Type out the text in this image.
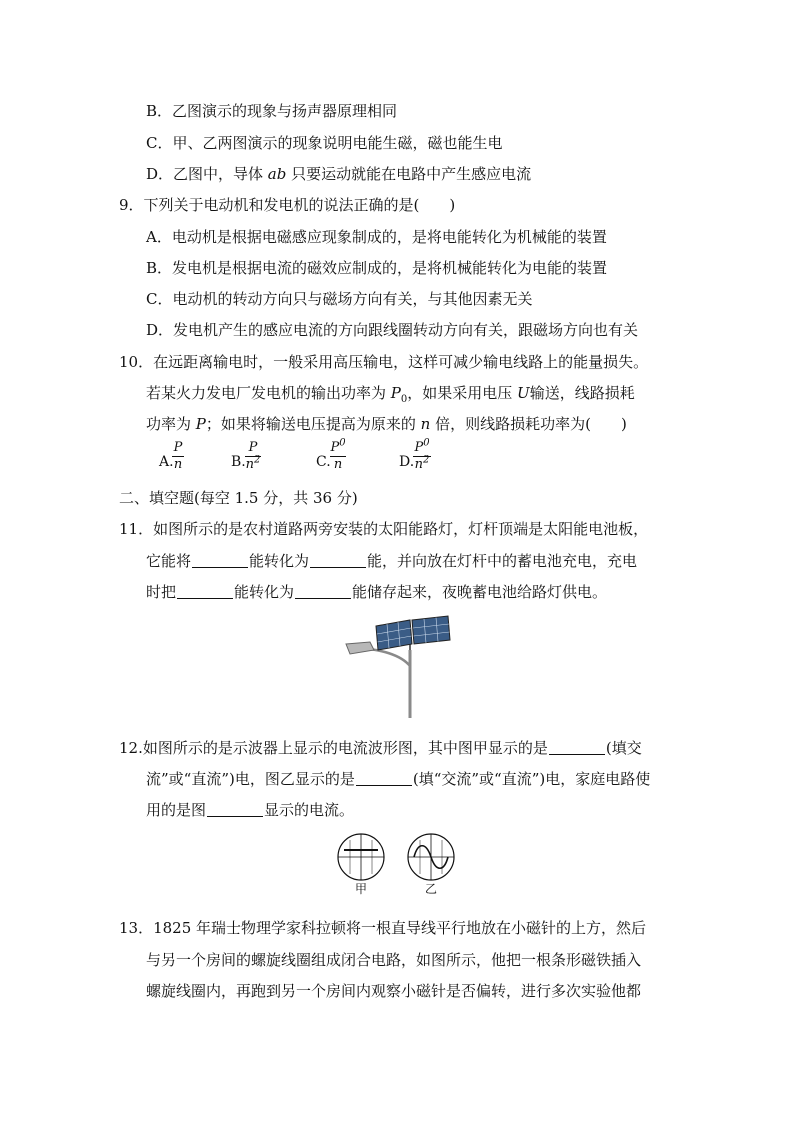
B．乙图演示的现象与扬声器原理相同
C．甲、乙两图演示的现象说明电能生磁，磁也能生电
D．乙图中，导体 ab 只要运动就能在电路中产生感应电流
9．下列关于电动机和发电机的说法正确的是(　　)
A．电动机是根据电磁感应现象制成的，是将电能转化为机械能的装置
B．发电机是根据电流的磁效应制成的，是将机械能转化为电能的装置
C．电动机的转动方向只与磁场方向有关，与其他因素无关
D．发电机产生的感应电流的方向跟线圈转动方向有关，跟磁场方向也有关
10．在远距离输电时，一般采用高压输电，这样可减少输电线路上的能量损失。
若某火力发电厂发电机的输出功率为 $P_0$，如果采用电压 U输送，线路损耗
功率为 P；如果将输送电压提高为原来的 n 倍，则线路损耗功率为(　　)
A.
P
n	B.
P
$n^2$	C.
$P^0$
n	D.
$P^0$
$n^2$
二、填空题(每空 1.5 分，共 36 分)
11．如图所示的是农村道路两旁安装的太阳能路灯，灯杆顶端是太阳能电池板，
它能将	能转化为	能，并向放在灯杆中的蓄电池充电，充电
时把	能转化为	能储存起来，夜晚蓄电池给路灯供电。
12.如图所示的是示波器上显示的电流波形图，其中图甲显示的是	(填交
流”或“直流”)电，图乙显示的是	(填“交流”或“直流”)电，家庭电路使
用的是图	显示的电流。
甲	乙
13．1825 年瑞士物理学家科拉顿将一根直导线平行地放在小磁针的上方，然后
与另一个房间的螺旋线圈组成闭合电路，如图所示，他把一根条形磁铁插入
螺旋线圈内，再跑到另一个房间内观察小磁针是否偏转，进行多次实验他都
